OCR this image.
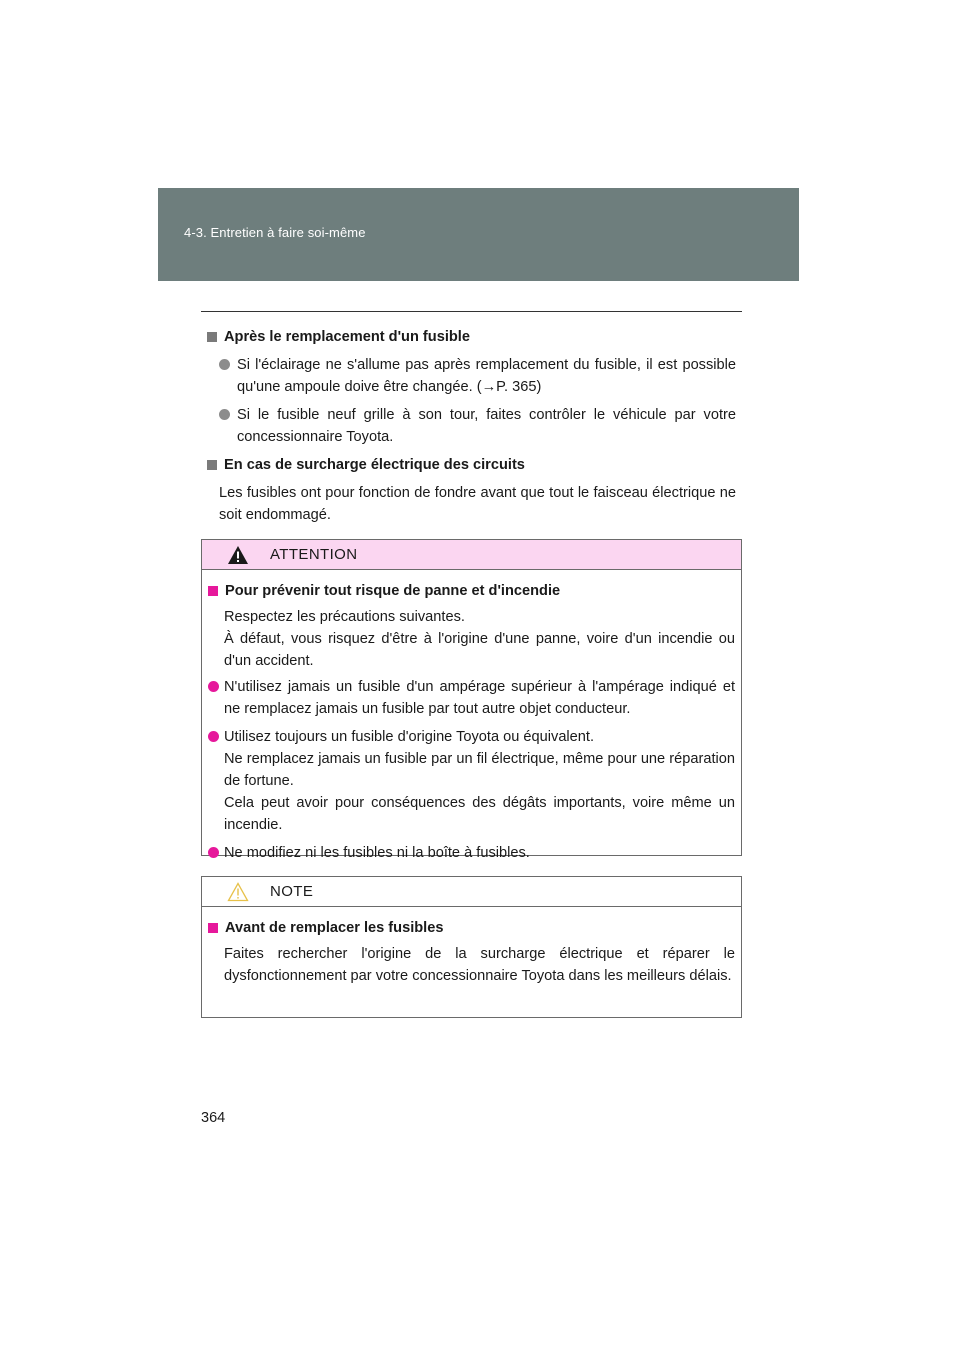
4-3. Entretien à faire soi-même
Après le remplacement d'un fusible
Si l'éclairage ne s'allume pas après remplacement du fusible, il est possible qu'une ampoule doive être changée. (→P. 365)
Si le fusible neuf grille à son tour, faites contrôler le véhicule par votre concessionnaire Toyota.
En cas de surcharge électrique des circuits
Les fusibles ont pour fonction de fondre avant que tout le faisceau électrique ne soit endommagé.
ATTENTION
Pour prévenir tout risque de panne et d'incendie
Respectez les précautions suivantes.
À défaut, vous risquez d'être à l'origine d'une panne, voire d'un incendie ou d'un accident.
N'utilisez jamais un fusible d'un ampérage supérieur à l'ampérage indiqué et ne remplacez jamais un fusible par tout autre objet conducteur.
Utilisez toujours un fusible d'origine Toyota ou équivalent.
Ne remplacez jamais un fusible par un fil électrique, même pour une réparation de fortune.
Cela peut avoir pour conséquences des dégâts importants, voire même un incendie.
Ne modifiez ni les fusibles ni la boîte à fusibles.
NOTE
Avant de remplacer les fusibles
Faites rechercher l'origine de la surcharge électrique et réparer le dysfonctionnement par votre concessionnaire Toyota dans les meilleurs délais.
364
